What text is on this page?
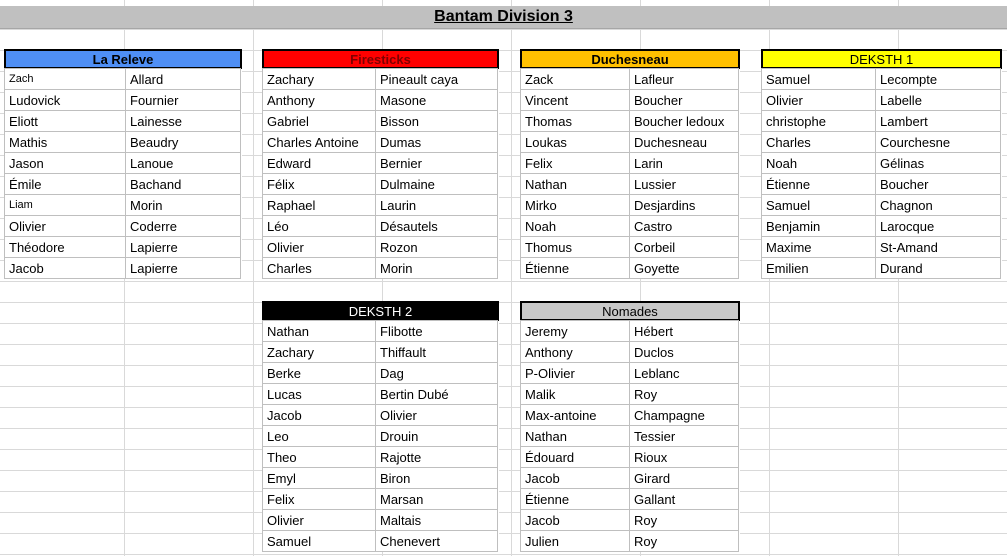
Bantam Division 3
La Releve
Zach	Allard
Ludovick	Fournier
Eliott	Lainesse
Mathis	Beaudry
Jason	Lanoue
Émile	Bachand
Liam	Morin
Olivier	Coderre
Théodore	Lapierre
Jacob	Lapierre
Firesticks
Zachary	Pineault caya
Anthony	Masone
Gabriel	Bisson
Charles Antoine	Dumas
Edward	Bernier
Félix	Dulmaine
Raphael	Laurin
Léo	Désautels
Olivier	Rozon
Charles	Morin
Duchesneau
Zack	Lafleur
Vincent	Boucher
Thomas	Boucher ledoux
Loukas	Duchesneau
Felix	Larin
Nathan	Lussier
Mirko	Desjardins
Noah	Castro
Thomus	Corbeil
Étienne	Goyette
DEKSTH 1
Samuel	Lecompte
Olivier	Labelle
christophe	Lambert
Charles	Courchesne
Noah	Gélinas
Étienne	Boucher
Samuel	Chagnon
Benjamin	Larocque
Maxime	St-Amand
Emilien	Durand
DEKSTH 2
Nathan	Flibotte
Zachary	Thiffault
Berke	Dag
Lucas	Bertin Dubé
Jacob	Olivier
Leo	Drouin
Theo	Rajotte
Emyl	Biron
Felix	Marsan
Olivier	Maltais
Samuel	Chenevert
Nomades
Jeremy	Hébert
Anthony	Duclos
P-Olivier	Leblanc
Malik	Roy
Max-antoine	Champagne
Nathan	Tessier
Édouard	Rioux
Jacob	Girard
Étienne	Gallant
Jacob	Roy
Julien	Roy
